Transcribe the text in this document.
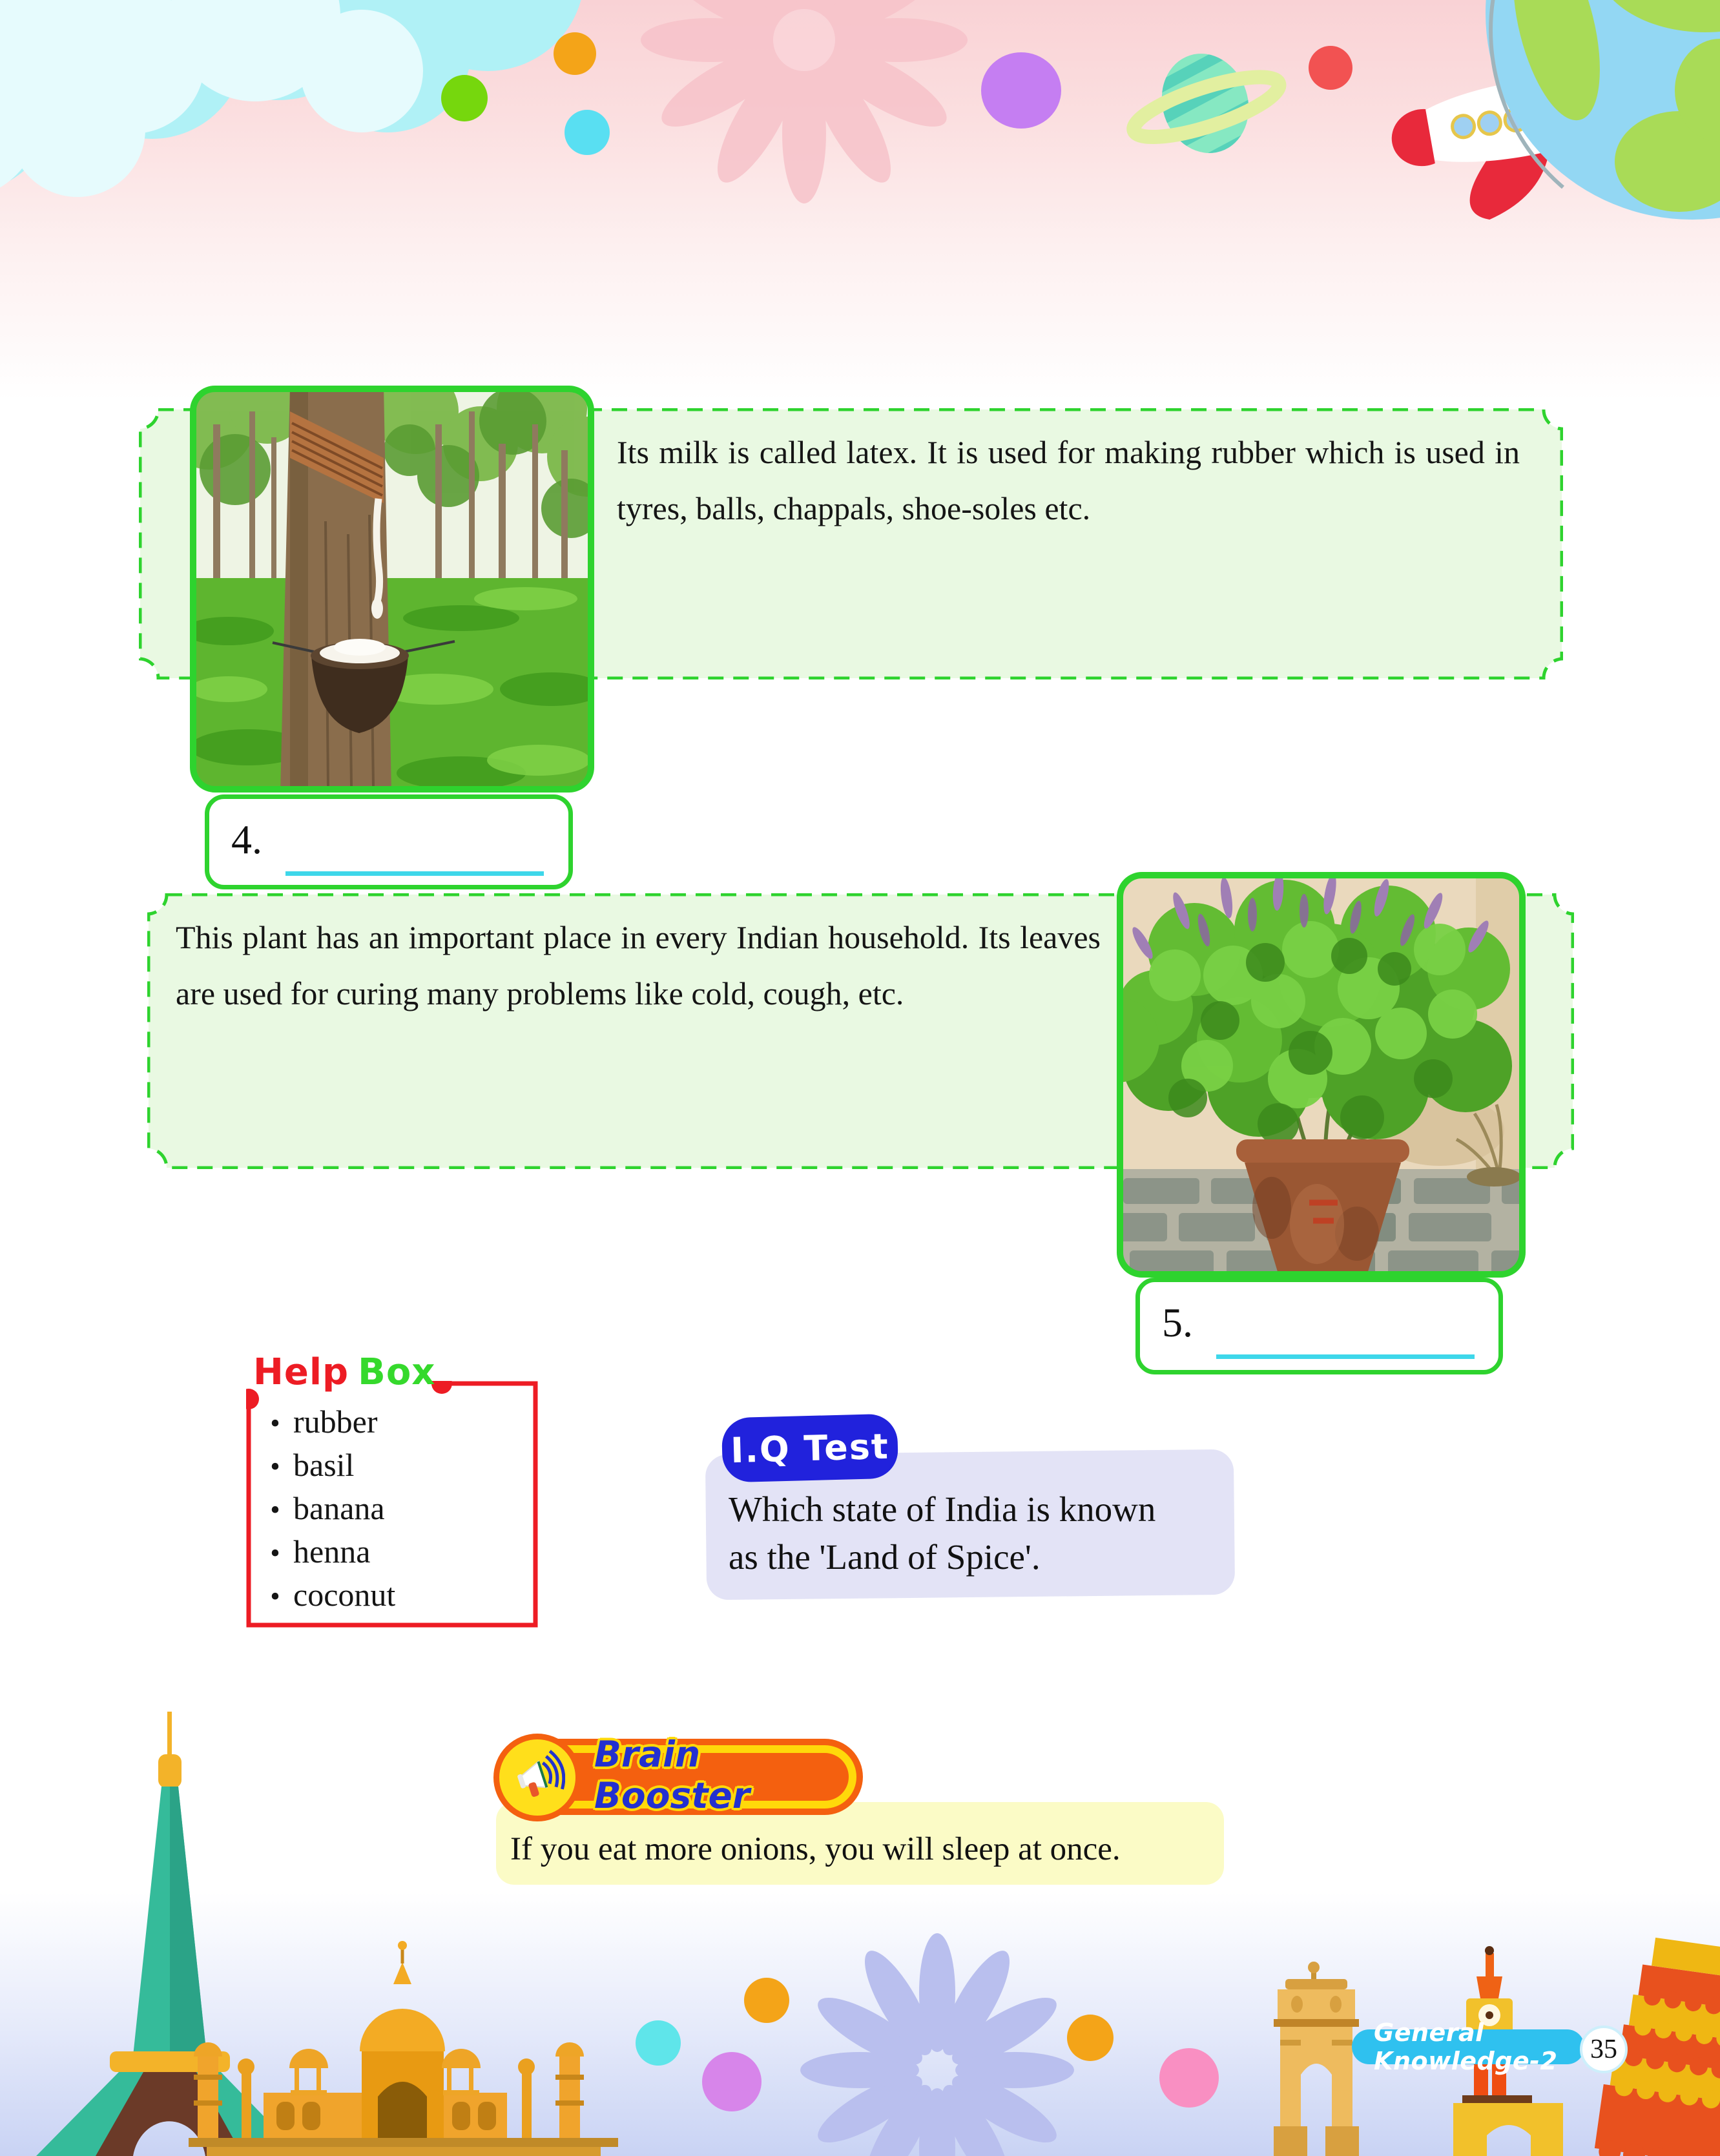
Its milk is called latex. It is used for making rubber which is used in tyres, balls, chappals, shoe-soles etc.
4.
This plant has an important place in every Indian household. Its leaves are used for curing many problems like cold, cough, etc.
5.
Help Box
• rubber
• basil
• banana
• henna
• coconut
I.Q Test
Which state of India is known
as the 'Land of Spice'.
If you eat more onions, you will sleep at once.
Brain Booster
General Knowledge-2	35
